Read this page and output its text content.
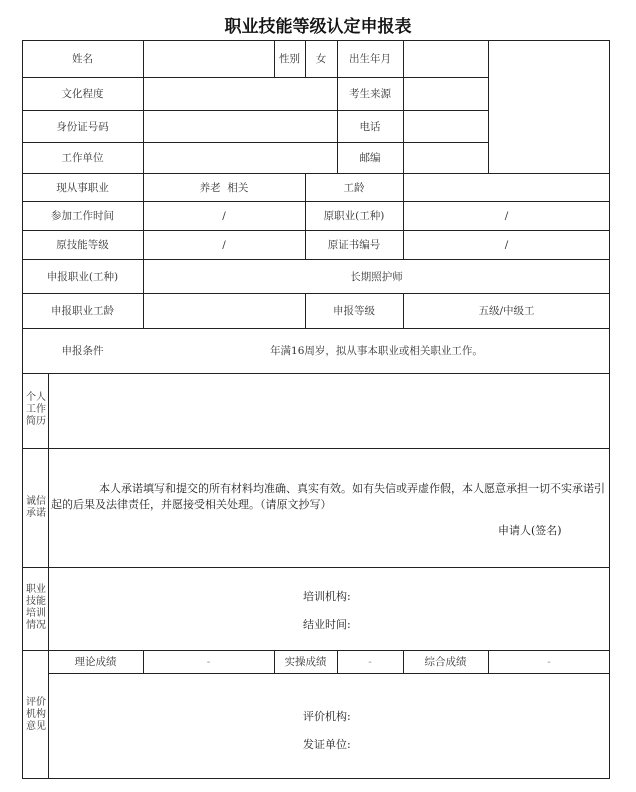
职业技能等级认定申报表
姓名	性别	女	出生年月
文化程度	考生来源
身份证号码	电话
工作单位	邮编
现从事职业	养老  相关	工龄
参加工作时间	/	原职业(工种)	/
原技能等级	/	原证书编号	/
申报职业(工种)	长期照护师
申报职业工龄	申报等级	五级/中级工
申报条件	年满16周岁，拟从事本职业或相关职业工作。
个人
工作
简历
诚信
承诺
本人承诺填写和提交的所有材料均准确、真实有效。如有失信或弄虚作假，本人愿意承担一切不实承诺引起的后果及法律责任，并愿接受相关处理。（请原文抄写）
申请人(签名)
职业
技能
培训
情况
培训机构:
结业时间:
评价
机构
意见
理论成绩	-	实操成绩	-	综合成绩	-
评价机构:
发证单位:
